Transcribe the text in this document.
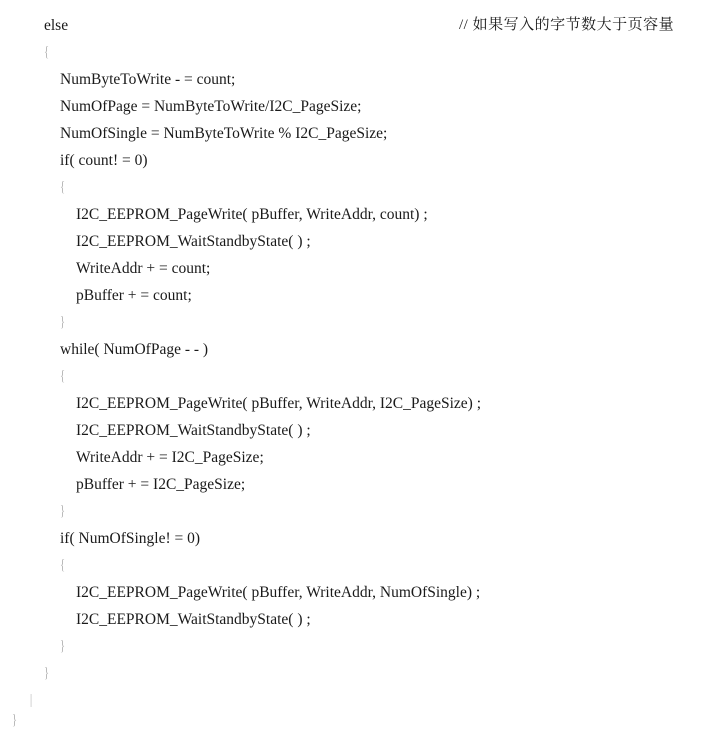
else	// 如果写入的字节数大于页容量
{
NumByteToWrite - = count;
NumOfPage = NumByteToWrite/I2C_PageSize;
NumOfSingle = NumByteToWrite % I2C_PageSize;
if( count! = 0)
{
I2C_EEPROM_PageWrite( pBuffer, WriteAddr, count) ;
I2C_EEPROM_WaitStandbyState( ) ;
WriteAddr + = count;
pBuffer + = count;
}
while( NumOfPage - - )
{
I2C_EEPROM_PageWrite( pBuffer, WriteAddr, I2C_PageSize) ;
I2C_EEPROM_WaitStandbyState( ) ;
WriteAddr + = I2C_PageSize;
pBuffer + = I2C_PageSize;
}
if( NumOfSingle! = 0)
{
I2C_EEPROM_PageWrite( pBuffer, WriteAddr, NumOfSingle) ;
I2C_EEPROM_WaitStandbyState( ) ;
}
}
|
}
